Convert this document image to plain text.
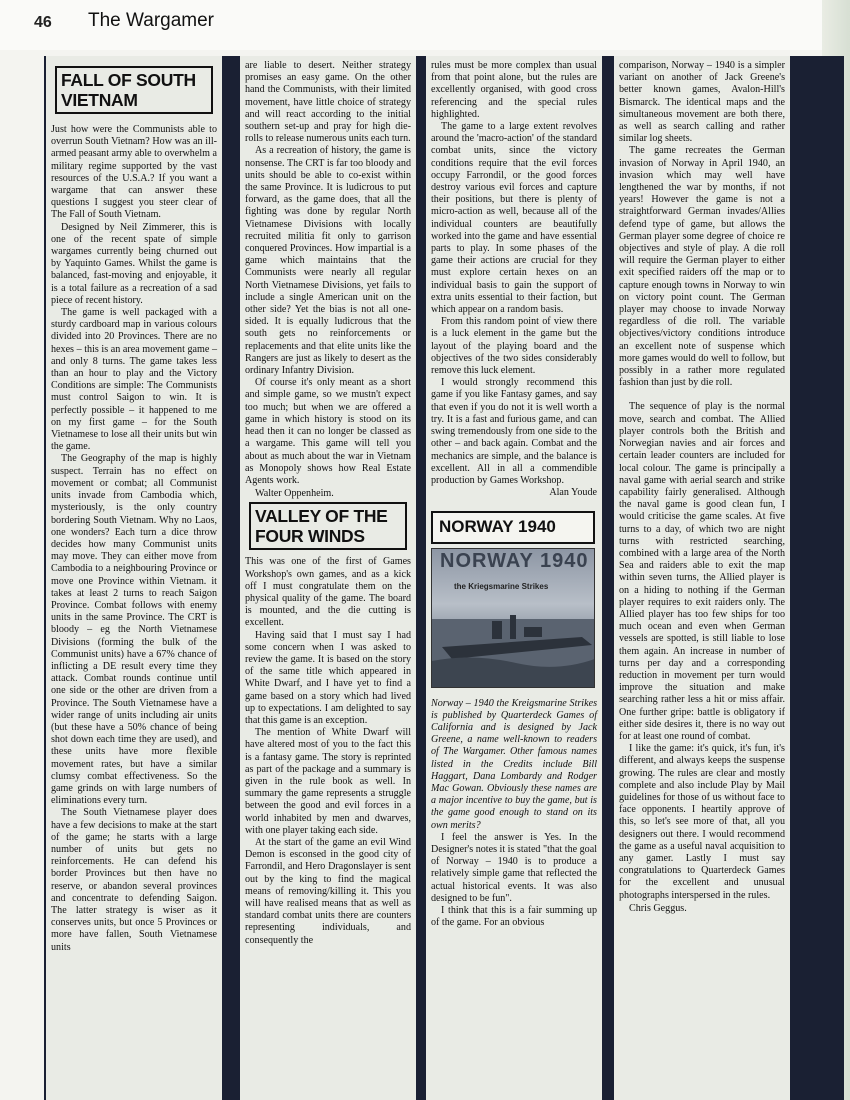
46 The Wargamer
FALL OF SOUTH VIETNAM

Just how were the Communists able to overrun South Vietnam? How was an ill-armed peasant army able to overwhelm a military regime supported by the vast resources of the U.S.A.? If you want a wargame that can answer these questions I suggest you steer clear of The Fall of South Vietnam.

Designed by Neil Zimmerer, this is one of the recent spate of simple wargames currently being churned out by Yaquinto Games. Whilst the game is balanced, fast-moving and enjoyable, it is a total failure as a recreation of a sad piece of recent history.

The game is well packaged with a sturdy cardboard map in various colours divided into 20 Provinces. There are no hexes – this is an area movement game – and only 8 turns. The game takes less than an hour to play and the Victory Conditions are simple: The Communists must control Saigon to win. It is perfectly possible – it happened to me on my first game – for the South Vietnamese to lose all their units but win the game.

The Geography of the map is highly suspect. Terrain has no effect on movement or combat; all Communist units invade from Cambodia which, mysteriously, is the only country bordering South Vietnam. Why no Laos, one wonders? Each turn a dice throw decides how many Communist units may move. They can either move from Cambodia to a neighbouring Province or move one Province within Vietnam. it takes at least 2 turns to reach Saigon Province. Combat follows with enemy units in the same Province. The CRT is bloody – eg the North Vietnamese Divisions (forming the bulk of the Communist units) have a 67% chance of inflicting a DE result every time they attack. Combat rounds continue until one side or the other are driven from a Province. The South Vietnamese have a wider range of units including air units (but these have a 50% chance of being shot down each time they are used), and these units have more flexible movement rates, but have a similar clumsy combat effectiveness. So the game grinds on with large numbers of eliminations every turn.

The South Vietnamese player does have a few decisions to make at the start of the game; he starts with a large number of units but gets no reinforcements. He can defend his border Provinces but then have no reserve, or abandon several provinces and concentrate to defending Saigon. The latter strategy is wiser as it conserves units, but once 5 Provinces or more have fallen, South Vietnamese units

are liable to desert. Neither strategy promises an easy game. On the other hand the Communists, with their limited movement, have little choice of strategy and will react according to the initial southern set-up and pray for high die-rolls to release numerous units each turn.

As a recreation of history, the game is nonsense. The CRT is far too bloody and units should be able to co-exist within the same Province. It is ludicrous to put forward, as the game does, that all the fighting was done by regular North Vietnamese Divisions with locally recruited militia fit only to garrison conquered Provinces. How impartial is a game which maintains that the Communists were nearly all regular North Vietnamese Divisions, yet fails to include a single American unit on the other side? Yet the bias is not all one-sided. It is equally ludicrous that the south gets no reinforcements or replacements and that elite units like the Rangers are just as likely to desert as the ordinary Infantry Division.

Of course it's only meant as a short and simple game, so we mustn't expect too much; but when we are offered a game in which history is stood on its head then it can no longer be classed as a wargame. This game will tell you about as much about the war in Vietnam as Monopoly shows how Real Estate Agents work.

Walter Oppenheim.

VALLEY OF THE FOUR WINDS

This was one of the first of Games Workshop's own games, and as a kick off I must congratulate them on the physical quality of the game. The board is mounted, and the die cutting is excellent.

Having said that I must say I had some concern when I was asked to review the game. It is based on the story of the same title which appeared in White Dwarf, and I have yet to find a game based on a story which had lived up to expectations. I am delighted to say that this game is an exception.

The mention of White Dwarf will have altered most of you to the fact this is a fantasy game. The story is reprinted as part of the package and a summary is given in the rule book as well. In summary the game represents a struggle between the good and evil forces in a world inhabited by men and dwarves, with one player taking each side.

At the start of the game an evil Wind Demon is esconsed in the good city of Farrondil, and Hero Dragonslayer is sent out by the king to find the magical means of removing/killing it. This you will have realised means that as well as standard combat units there are counters representing individuals, and consequently the

rules must be more complex than usual from that point alone, but the rules are excellently organised, with good cross referencing and the special rules highlighted.

The game to a large extent revolves around the 'macro-action' of the standard combat units, since the victory conditions require that the evil forces occupy Farrondil, or the good forces destroy various evil forces and capture their positions, but there is plenty of micro-action as well, because all of the individual counters are beautifully worked into the game and have essential parts to play. In some phases of the game their actions are crucial for they must explore certain hexes on an individual basis to gain the support of extra units essential to their faction, but which appear on a random basis.

From this random point of view there is a luck element in the game but the layout of the playing board and the objectives of the two sides considerably remove this luck element.

I would strongly recommend this game if you like Fantasy games, and say that even if you do not it is well worth a try. It is a fast and furious game, and can swing tremendously from one side to the other – and back again. Combat and the mechanics are simple, and the balance is excellent. All in all a commendible production by Games Workshop.

Alan Youde

NORWAY 1940
NORWAY 1940
the Kriegsmarine Strikes

Norway – 1940 the Kreigsmarine Strikes is published by Quarterdeck Games of California and is designed by Jack Greene, a name well-known to readers of The Wargamer. Other famous names listed in the Credits include Bill Haggart, Dana Lombardy and Rodger Mac Gowan. Obviously these names are a major incentive to buy the game, but is the game good enough to stand on its own merits?

I feel the answer is Yes. In the Designer's notes it is stated "that the goal of Norway – 1940 is to produce a relatively simple game that reflected the actual historical events. It was also designed to be fun".

I think that this is a fair summing up of the game. For an obvious

comparison, Norway – 1940 is a simpler variant on another of Jack Greene's better known games, Avalon-Hill's Bismarck. The identical maps and the simultaneous movement are both there, as well as search calling and rather similar log sheets.

The game recreates the German invasion of Norway in April 1940, an invasion which may well have lengthened the war by months, if not years! However the game is not a straightforward German invades/Allies defend type of game, but allows the German player some degree of choice re objectives and style of play. A die roll will require the German player to either exit specified raiders off the map or to capture enough towns in Norway to win on victory point count. The German player may choose to invade Norway regardless of die roll. The variable objectives/victory conditions introduce an excellent note of suspense which more games would do well to follow, but possibly in a rather more regulated fashion than just by die roll.

The sequence of play is the normal move, search and combat. The Allied player controls both the British and Norwegian navies and air forces and certain leader counters are included for local colour. The game is principally a naval game with aerial search and strike capability fairly generalised. Although the naval game is good clean fun, I would criticise the game scales. At five turns to a day, of which two are night turns with restricted searching, combined with a large area of the North Sea and raiders able to exit the map within seven turns, the Allied player is on a hiding to nothing if the German player requires to exit raiders only. The Allied player has too few ships for too much ocean and even when German vessels are spotted, is still liable to lose them again. An increase in number of turns per day and a corresponding reduction in movement per turn would improve the situation and make searching rather less a hit or miss affair. One further gripe: battle is obligatory if either side desires it, there is no way out for at least one round of combat.

I like the game: it's quick, it's fun, it's different, and always keeps the suspense growing. The rules are clear and mostly complete and also include Play by Mail guidelines for those of us without face to face opponents. I heartily approve of this, so let's see more of that, all you designers out there. I would recommend the game as a useful naval acquisition to any gamer. Lastly I must say congratulations to Quarterdeck Games for the excellent and unusual photographs interspersed in the rules.

Chris Geggus.
